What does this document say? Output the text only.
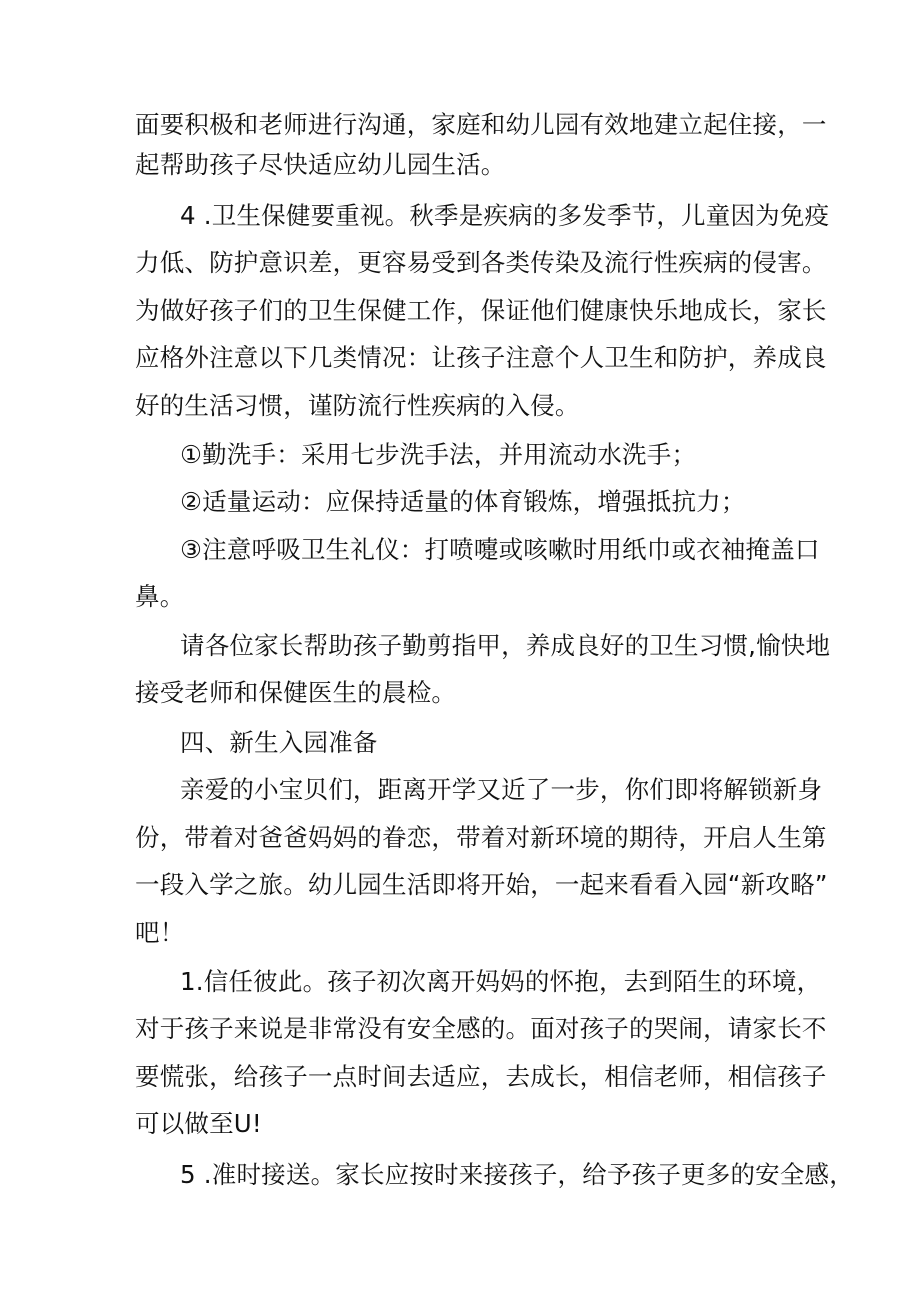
面要积极和老师进行沟通，家庭和幼儿园有效地建立起住接，一
起帮助孩子尽快适应幼儿园生活。
4 .卫生保健要重视。秋季是疾病的多发季节，儿童因为免疫
力低、防护意识差，更容易受到各类传染及流行性疾病的侵害。
为做好孩子们的卫生保健工作，保证他们健康快乐地成长，家长
应格外注意以下几类情况：让孩子注意个人卫生和防护，养成良
好的生活习惯，谨防流行性疾病的入侵。
①勤洗手：采用七步洗手法，并用流动水洗手；
②适量运动：应保持适量的体育锻炼，增强抵抗力；
③注意呼吸卫生礼仪：打喷嚏或咳嗽时用纸巾或衣袖掩盖口
鼻。
请各位家长帮助孩子勤剪指甲，养成良好的卫生习惯,愉快地
接受老师和保健医生的晨检。
四、新生入园准备
亲爱的小宝贝们，距离开学又近了一步，你们即将解锁新身
份，带着对爸爸妈妈的眷恋，带着对新环境的期待，开启人生第
一段入学之旅。幼儿园生活即将开始，一起来看看入园“新攻略”
吧！
1.信任彼此。孩子初次离开妈妈的怀抱，去到陌生的环境，
对于孩子来说是非常没有安全感的。面对孩子的哭闹，请家长不
要慌张，给孩子一点时间去适应，去成长，相信老师，相信孩子
可以做至U!
5 .准时接送。家长应按时来接孩子，给予孩子更多的安全感，
